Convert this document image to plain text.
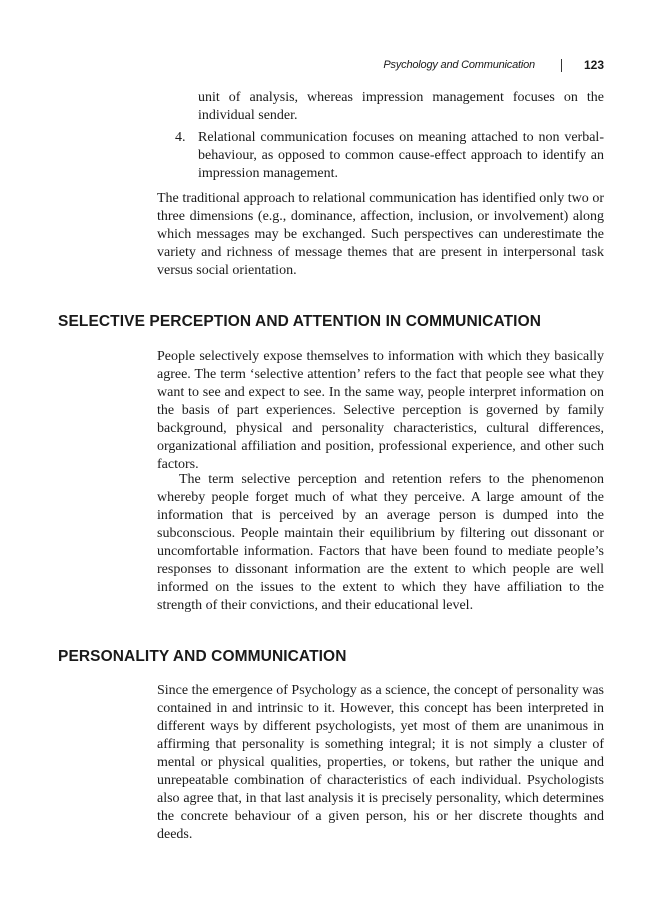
Psychology and Communication	123

unit of analysis, whereas impression management focuses on the individual sender.

4. Relational communication focuses on meaning attached to non verbal-behaviour, as opposed to common cause-effect approach to identify an impression management.

The traditional approach to relational communication has identified only two or three dimensions (e.g., dominance, affection, inclusion, or involvement) along which messages may be exchanged. Such perspectives can underestimate the variety and richness of message themes that are present in interpersonal task versus social orientation.

SELECTIVE PERCEPTION AND ATTENTION IN COMMUNICATION

People selectively expose themselves to information with which they basically agree. The term ‘selective attention’ refers to the fact that people see what they want to see and expect to see. In the same way, people interpret information on the basis of part experiences. Selective perception is governed by family background, physical and personality characteristics, cultural differences, organizational affiliation and position, professional experience, and other such factors.

The term selective perception and retention refers to the phenomenon whereby people forget much of what they perceive. A large amount of the information that is perceived by an average person is dumped into the subconscious. People maintain their equilibrium by filtering out dissonant or uncomfortable information. Factors that have been found to mediate people’s responses to dissonant information are the extent to which people are well informed on the issues to the extent to which they have affiliation to the strength of their convictions, and their educational level.

PERSONALITY AND COMMUNICATION

Since the emergence of Psychology as a science, the concept of personality was contained in and intrinsic to it. However, this concept has been interpreted in different ways by different psychologists, yet most of them are unanimous in affirming that personality is something integral; it is not simply a cluster of mental or physical qualities, properties, or tokens, but rather the unique and unrepeatable combination of characteristics of each individual. Psychologists also agree that, in that last analysis it is precisely personality, which determines the concrete behaviour of a given person, his or her discrete thoughts and deeds.
